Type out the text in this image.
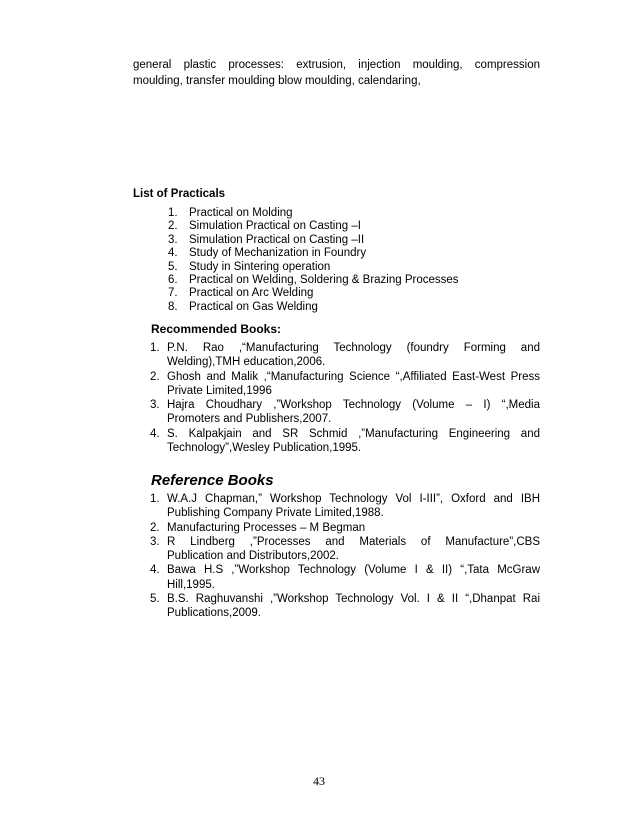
general plastic processes: extrusion, injection moulding, compression

moulding, transfer moulding blow moulding, calendaring,

List of Practicals
1. Practical on Molding
2. Simulation Practical on Casting –I
3. Simulation Practical on Casting –II
4. Study of Mechanization in Foundry
5. Study in Sintering operation
6. Practical on Welding, Soldering & Brazing Processes
7. Practical on Arc Welding
8. Practical on Gas Welding
Recommended Books:
1. P.N. Rao ,“Manufacturing Technology (foundry Forming and
Welding),TMH education,2006.
2. Ghosh and Malik ,“Manufacturing Science “,Affiliated East-West Press
Private Limited,1996
3. Hajra Choudhary ,”Workshop Technology (Volume – I) “,Media
Promoters and Publishers,2007.
4. S. Kalpakjain and SR Schmid ,”Manufacturing Engineering and
Technology”,Wesley Publication,1995.
Reference Books
1. W.A.J Chapman,” Workshop Technology Vol I-III”, Oxford and IBH
Publishing Company Private Limited,1988.
2. Manufacturing Processes – M Begman
3. R Lindberg ,”Processes and Materials of Manufacture”,CBS
Publication and Distributors,2002.
4. Bawa H.S ,”Workshop Technology (Volume I & II) “,Tata McGraw
Hill,1995.
5. B.S. Raghuvanshi ,”Workshop Technology Vol. I & II “,Dhanpat Rai
Publications,2009.
43
